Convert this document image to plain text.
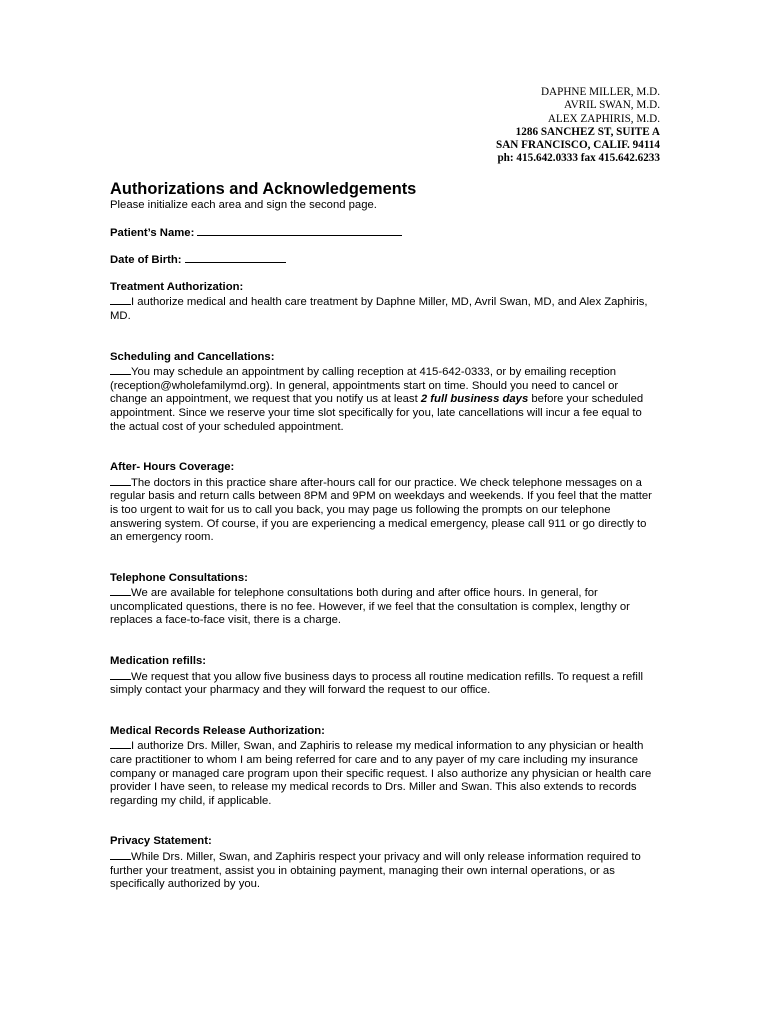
DAPHNE MILLER, M.D.
AVRIL SWAN, M.D.
ALEX ZAPHIRIS, M.D.
1286 SANCHEZ ST, SUITE A
SAN FRANCISCO, CALIF. 94114
ph: 415.642.0333 fax 415.642.6233
Authorizations and Acknowledgements

Please initialize each area and sign the second page.

Patient’s Name:
Date of Birth:
Treatment Authorization:

I authorize medical and health care treatment by Daphne Miller, MD, Avril Swan, MD, and Alex Zaphiris, MD.

Scheduling and Cancellations:

You may schedule an appointment by calling reception at 415-642-0333, or by emailing reception (reception@wholefamilymd.org). In general, appointments start on time. Should you need to cancel or change an appointment, we request that you notify us at least 2 full business days before your scheduled appointment. Since we reserve your time slot specifically for you, late cancellations will incur a fee equal to the actual cost of your scheduled appointment.

After- Hours Coverage:

The doctors in this practice share after-hours call for our practice. We check telephone messages on a regular basis and return calls between 8PM and 9PM on weekdays and weekends. If you feel that the matter is too urgent to wait for us to call you back, you may page us following the prompts on our telephone answering system. Of course, if you are experiencing a medical emergency, please call 911 or go directly to an emergency room.

Telephone Consultations:

We are available for telephone consultations both during and after office hours. In general, for uncomplicated questions, there is no fee. However, if we feel that the consultation is complex, lengthy or replaces a face-to-face visit, there is a charge.

Medication refills:

We request that you allow five business days to process all routine medication refills. To request a refill simply contact your pharmacy and they will forward the request to our office.

Medical Records Release Authorization:

I authorize Drs. Miller, Swan, and Zaphiris to release my medical information to any physician or health care practitioner to whom I am being referred for care and to any payer of my care including my insurance company or managed care program upon their specific request. I also authorize any physician or health care provider I have seen, to release my medical records to Drs. Miller and Swan. This also extends to records regarding my child, if applicable.

Privacy Statement:

While Drs. Miller, Swan, and Zaphiris respect your privacy and will only release information required to further your treatment, assist you in obtaining payment, managing their own internal operations, or as specifically authorized by you.
